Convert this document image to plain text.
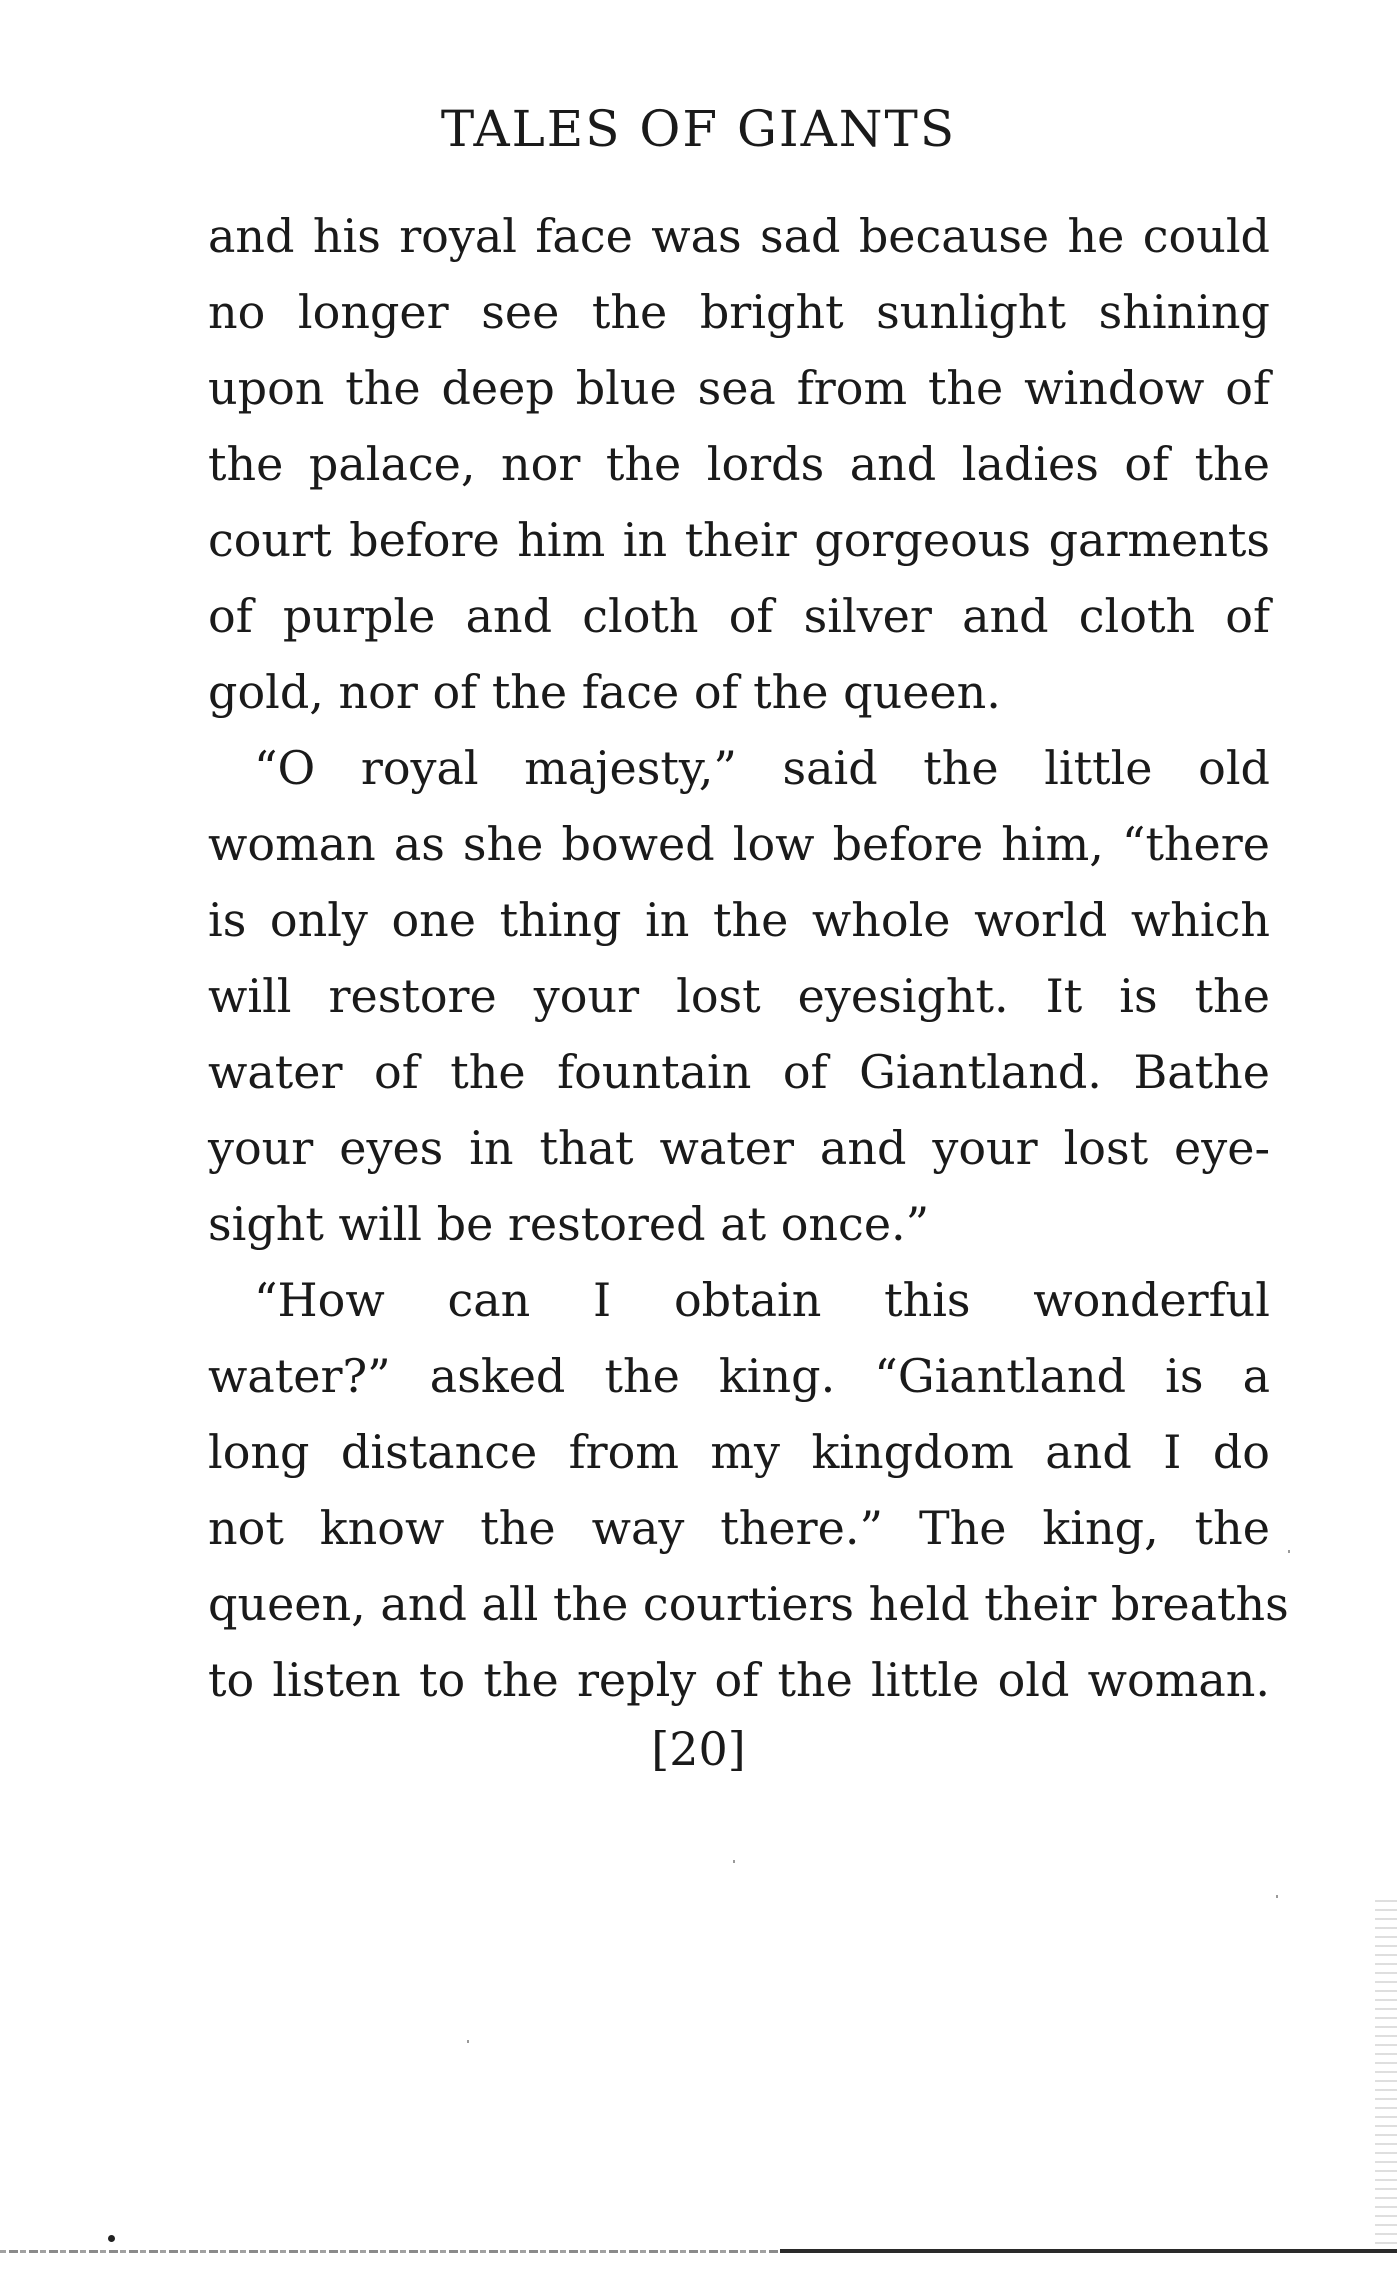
TALES OF GIANTS

and his royal face was sad because he could
no longer see the bright sunlight shining
upon the deep blue sea from the window of
the palace, nor the lords and ladies of the
court before him in their gorgeous garments
of purple and cloth of silver and cloth of
gold, nor of the face of the queen.

“O royal majesty,” said the little old
woman as she bowed low before him, “there
is only one thing in the whole world which
will restore your lost eyesight. It is the
water of the fountain of Giantland. Bathe
your eyes in that water and your lost eye-
sight will be restored at once.”

“How can I obtain this wonderful
water?” asked the king. “Giantland is a
long distance from my kingdom and I do
not know the way there.” The king, the
queen, and all the courtiers held their breaths
to listen to the reply of the little old woman.

[20]
